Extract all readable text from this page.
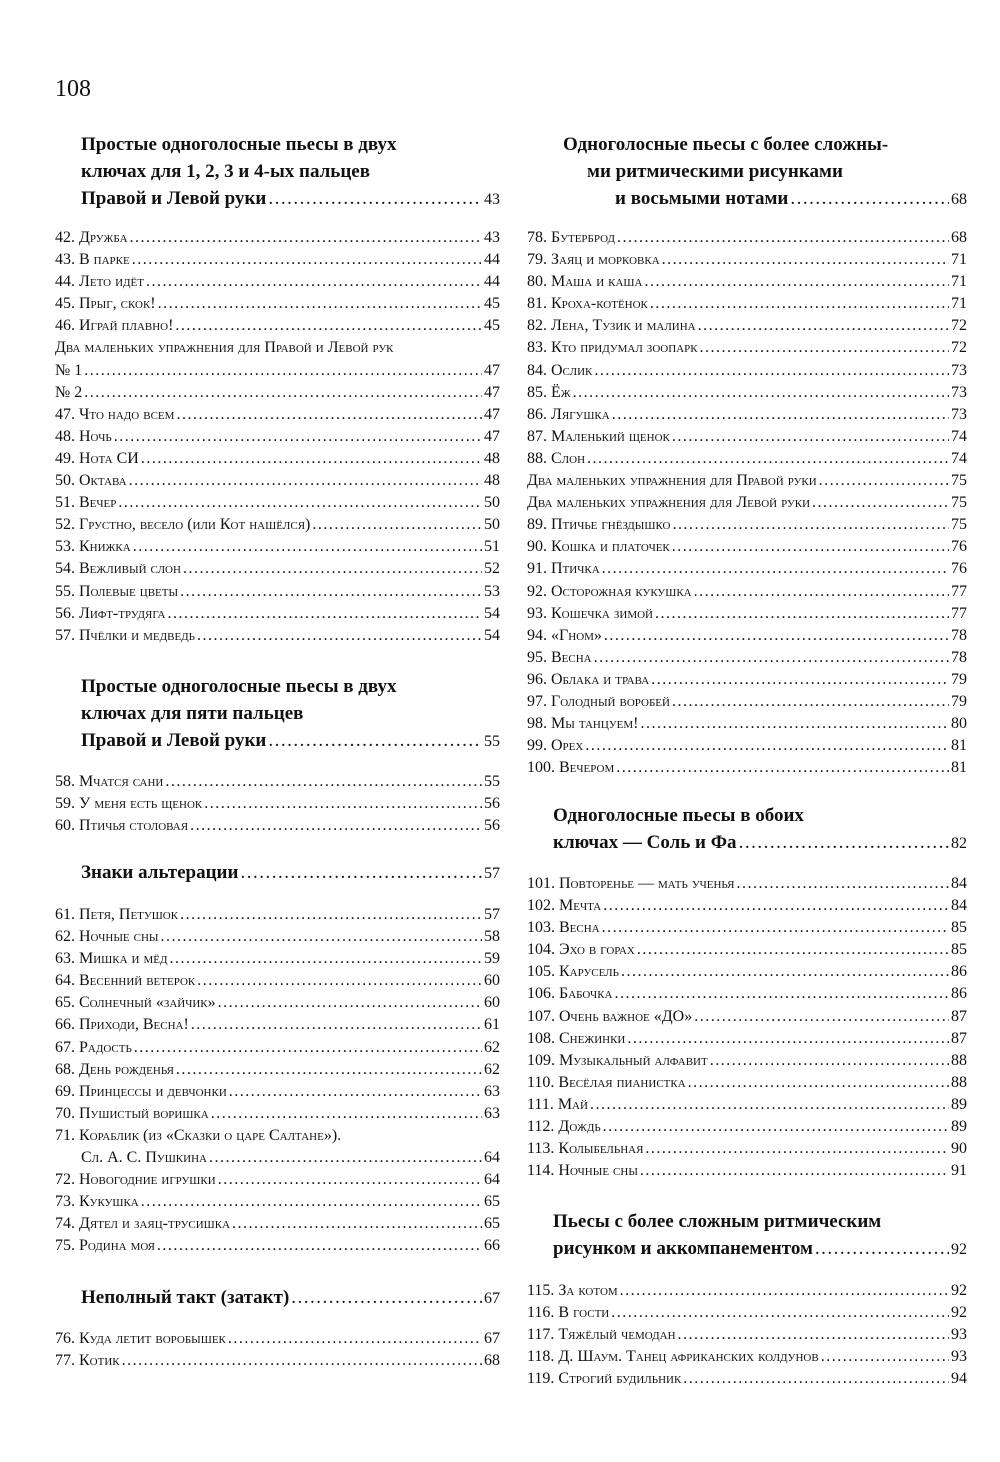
108
Простые одноголосные пьесы в двух
ключах для 1, 2, 3 и 4-ых пальцев
Правой и Левой руки .....	43
42. Дружба .....	43
43. В парке .....	44
44. Лето идёт .....	44
45. Прыг, скок! .....	45
46. Играй плавно! .....	45
Два маленьких упражнения для Правой и Левой рук
№ 1 .....	47
№ 2 .....	47
47. Что надо всем .....	47
48. Ночь .....	47
49. Нота СИ .....	48
50. Октава .....	48
51. Вечер .....	50
52. Грустно, весело (или Кот нашёлся) .....	50
53. Книжка .....	51
54. Вежливый слон .....	52
55. Полевые цветы .....	53
56. Лифт-трудяга .....	54
57. Пчёлки и медведь .....	54
Простые одноголосные пьесы в двух
ключах для пяти пальцев
Правой и Левой руки .....	55
58. Мчатся сани .....	55
59. У меня есть щенок .....	56
60. Птичья столовая .....	56
Знаки альтерации .....	57
61. Петя, Петушок .....	57
62. Ночные сны .....	58
63. Мишка и мёд .....	59
64. Весенний ветерок .....	60
65. Солнечный «зайчик» .....	60
66. Приходи, Весна! .....	61
67. Радость .....	62
68. День рожденья .....	62
69. Принцессы и девчонки .....	63
70. Пушистый воришка .....	63
71. Кораблик (из «Сказки о царе Салтане»).
Сл. А. С. Пушкина .....	64
72. Новогодние игрушки .....	64
73. Кукушка .....	65
74. Дятел и заяц-трусишка .....	65
75. Родина моя .....	66
Неполный такт (затакт) .....	67
76. Куда летит воробышек .....	67
77. Котик .....	68
Одноголосные пьесы с более сложны-
ми ритмическими рисунками
и восьмыми нотами .....	68
78. Бутерброд .....	68
79. Заяц и морковка .....	71
80. Маша и каша .....	71
81. Кроха-котёнок .....	71
82. Лена, Тузик и малина .....	72
83. Кто придумал зоопарк .....	72
84. Ослик .....	73
85. Ёж .....	73
86. Лягушка .....	73
87. Маленький щенок .....	74
88. Слон .....	74
Два маленьких упражнения для Правой руки .....	75
Два маленьких упражнения для Левой руки .....	75
89. Птичье гнёздышко .....	75
90. Кошка и платочек .....	76
91. Птичка .....	76
92. Осторожная кукушка .....	77
93. Кошечка зимой .....	77
94. «Гном» .....	78
95. Весна .....	78
96. Облака и трава .....	79
97. Голодный воробей .....	79
98. Мы танцуем! .....	80
99. Орех .....	81
100. Вечером .....	81
Одноголосные пьесы в обоих
ключах — Соль и Фа .....	82
101. Повторенье — мать ученья .....	84
102. Мечта .....	84
103. Весна .....	85
104. Эхо в горах .....	85
105. Карусель .....	86
106. Бабочка .....	86
107. Очень важное «ДО» .....	87
108. Снежинки .....	87
109. Музыкальный алфавит .....	88
110. Весёлая пианистка .....	88
111. Май .....	89
112. Дождь .....	89
113. Колыбельная .....	90
114. Ночные сны .....	91
Пьесы с более сложным ритмическим
рисунком и аккомпанементом .....	92
115. За котом .....	92
116. В гости .....	92
117. Тяжёлый чемодан .....	93
118. Д. Шаум. Танец африканских колдунов .....	93
119. Строгий будильник .....	94
